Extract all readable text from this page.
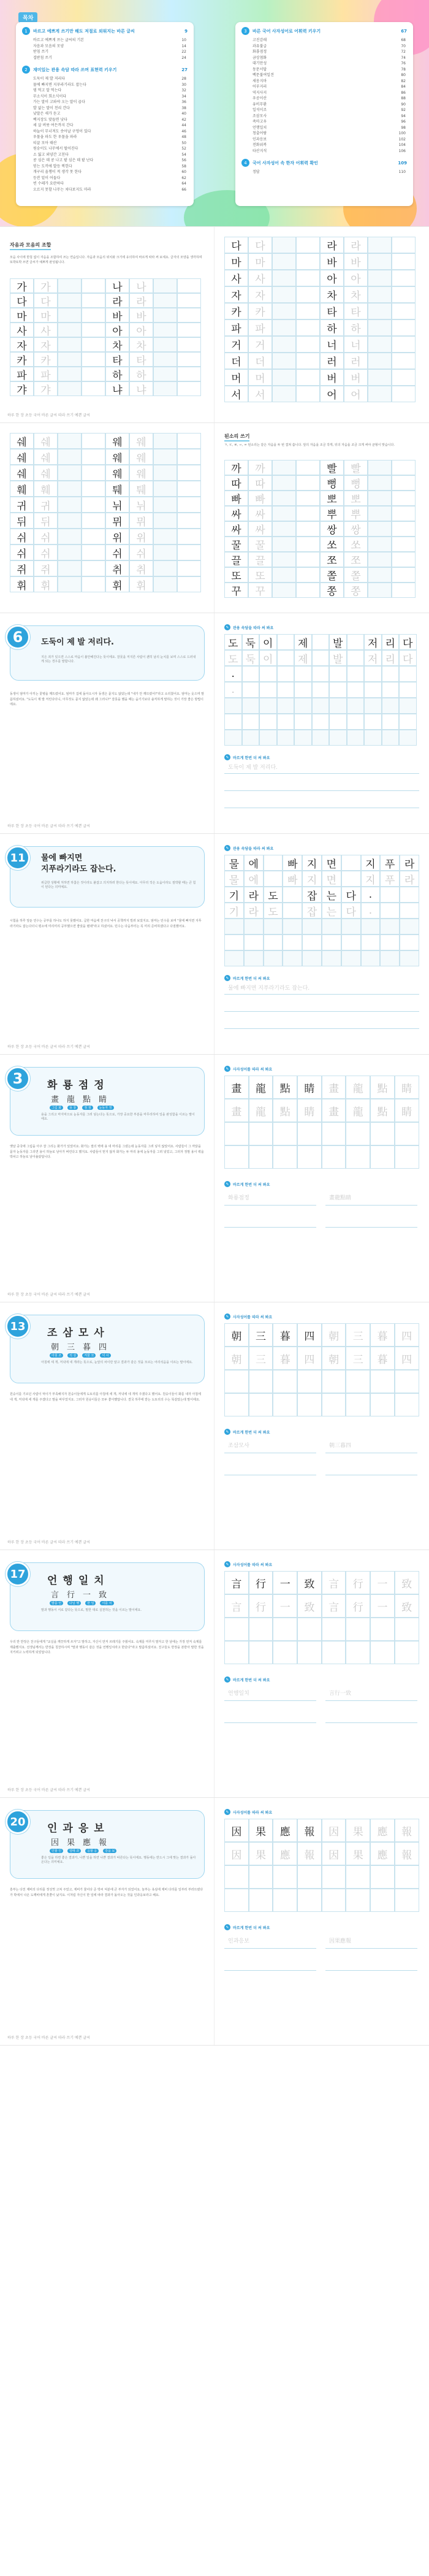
목차
1	바르고 예쁘게 쓰기만 해도 저절로 외워지는 바른 글씨	9
바르고 예쁘게 쓰는 글씨의 기본	10
자음과 모음의 모양	14
받침 쓰기	22
겹받침 쓰기	24
2	재미있는 관용 속담 따라 쓰며 표현력 키우기	27
도둑이 제 발 저리다	28
물에 빠지면 지푸라기라도 잡는다	30
꿩 먹고 알 먹는다	32
무소식이 희소식이다	34
가는 말이 고와야 오는 말이 곱다	36
발 없는 말이 천리 간다	38
낮말은 새가 듣고	40
백지장도 맞들면 낫다	42
세 살 버릇 여든까지 간다	44
하늘이 무너져도 솟아날 구멍이 있다	46
우물을 파도 한 우물을 파라	48
티끌 모아 태산	50
원숭이도 나무에서 떨어진다	52
소 잃고 외양간 고친다	54
콩 심은 데 콩 나고 팥 심은 데 팥 난다	56
믿는 도끼에 발등 찍힌다	58
개구리 올챙이 적 생각 못 한다	60
등잔 밑이 어둡다	62
빈 수레가 요란하다	64
오르지 못할 나무는 쳐다보지도 마라	66
3	바른 국어 사자성어로 어휘력 키우기	67
고진감래	68
과유불급	70
화룡점정	72
금상첨화	74
대기만성	76
동문서답	78
백문불여일견	80
새옹지마	82
어부지리	84
역지사지	86
우공이산	88
유비무환	90
일석이조	92
조삼모사	94
죽마고우	96
언행일치	98
청출어람	100
인과응보	102
전화위복	104
타산지석	106
4	국어 사자성어 속 한자 어휘력 확인	109
정답	110
자음과 모음의 조합
모음 사이에 받침 없이 자음을 조합하여 쓰는 연습입니다. 자음과 모음의 위치와 크기에 유의하여 바르게 따라 써 보세요. 글자의 모양을 생각하며 또박또박 쓰면 글씨가 예쁘게 완성됩니다.
가	가	나	나
다	다	라	라
마	마	바	바
사	사	아	아
자	자	차	차
카	카	타	타
파	파	하	하
갸	갸	냐	냐
하루 한 장 초등 국어 바른 글씨 따라 쓰기 예쁜 글씨
다	다	라	라
마	마	바	바
사	사	아	아
자	자	차	차
카	카	타	타
파	파	하	하
거	거	너	너
더	더	러	러
머	머	버	버
서	서	어	어
쉐	쉐	웨	웨
쉐	쉐	웨	웨
쉐	쉐	웨	웨
훼	훼	퉤	퉤
귀	귀	뉘	뉘
뒤	뒤	뮈	뮈
쉬	쉬	위	위
쉬	쉬	쉬	쉬
쥐	쥐	취	취
휘	휘	휘	휘
된소리 쓰기
ㄲ, ㄸ, ㅃ, ㅆ, ㅉ 된소리는 같은 자음을 두 번 겹쳐 씁니다. 앞의 자음을 조금 작게, 뒤의 자음을 조금 크게 써야 균형이 맞습니다.
까	까	빨	빨
따	따	뻥	뻥
빠	빠	뽀	뽀
싸	싸	뿌	뿌
싸	싸	쌍	쌍
꿀	꿀	쏘	쏘
끌	끌	쪼	쪼
또	또	쫄	쫄
꾸	꾸	쫑	쫑
6	도둑이 제 발 저리다.
지은 죄가 있으면 스스로 마음이 불안해진다는 뜻이에요. 잘못을 저지른 사람이 괜히 남의 눈치를 보며 스스로 드러내게 되는 경우를 말합니다.
동생이 엄마가 아끼는 꽃병을 깨뜨렸어요. 엄마가 집에 돌아오시자 동생은 묻지도 않았는데 "내가 안 깨뜨렸어!"라고 소리쳤어요. 엄마는 웃으며 말씀하셨어요. "도둑이 제 발 저린다더니, 아무것도 묻지 않았는데 왜 그러니?" 잘못을 했을 때는 숨기기보다 솔직하게 말하는 것이 가장 좋은 방법이에요.
하루 한 장 초등 국어 바른 글씨 따라 쓰기 예쁜 글씨
✎	관용 속담을 따라 써 봐요
도 둑 이	제	발	저 리 다
도 둑 이	제	발	저 리 다
.
.
✎	바르게 한번 더 써 봐요
도둑이 제 발 저리다.
11	물에 빠지면
지푸라기라도 잡는다.
위급한 상황에 처하면 하찮은 것이라도 붙잡고 의지하려 한다는 뜻이에요. 아무리 작은 도움이라도 절박할 때는 큰 힘이 된다는 의미예요.
시험을 하루 앞둔 민수는 공부를 하나도 하지 못했어요. 급한 마음에 친구의 낙서 공책까지 빌려 보았지요. 엄마는 민수를 보며 "물에 빠지면 지푸라기라도 잡는다더니 평소에 미리미리 공부했으면 좋았을 텐데"라고 하셨어요. 민수는 다음부터는 꼭 미리 준비하겠다고 다짐했어요.
하루 한 장 초등 국어 바른 글씨 따라 쓰기 예쁜 글씨
✎	관용 속담을 따라 써 봐요
물 에	빠 지 면	지 푸 라
물 에	빠 지 면	지 푸 라
기 라 도	잡 는 다	.
기 라 도	잡 는 다	.
✎	바르게 한번 더 써 봐요
물에 빠지면 지푸라기라도 잡는다.
3	화룡점정
畫龍點睛
그림 화	용 룡	점 점	눈동자 정
용을 그리고 마지막으로 눈동자를 그려 넣는다는 뜻으로, 가장 중요한 부분을 마무리하여 일을 완성함을 이르는 말이에요.
옛날 중국에 그림을 아주 잘 그리는 화가가 있었어요. 화가는 절의 벽에 용 네 마리를 그렸는데 눈동자를 그려 넣지 않았어요. 사람들이 그 까닭을 묻자 눈동자를 그리면 용이 하늘로 날아가 버린다고 했지요. 사람들이 믿지 않자 화가는 두 마리 용에 눈동자를 그려 넣었고, 그러자 정말 용이 벽을 박차고 하늘로 날아올랐답니다.
하루 한 장 초등 국어 바른 글씨 따라 쓰기 예쁜 글씨
✎	사자성어를 따라 써 봐요
畫	龍	點	睛	畫	龍	點	睛
畫	龍	點	睛	畫	龍	點	睛
✎	바르게 한번 더 써 봐요
화룡점정	畫龍點睛
13
조삼모사
朝三暮四
아침 조	석 삼	저물 모	넉 사
아침에 세 개, 저녁에 네 개라는 뜻으로, 눈앞의 차이만 알고 결과가 같은 것을 모르는 어리석음을 이르는 말이에요.
원숭이를 기르던 사람이 먹이가 부족해지자 원숭이들에게 도토리를 아침에 세 개, 저녁에 네 개씩 주겠다고 했어요. 원숭이들이 화를 내자 아침에 네 개, 저녁에 세 개를 주겠다고 말을 바꾸었지요. 그러자 원숭이들은 모두 좋아했답니다. 결국 하루에 받는 도토리의 수는 똑같았는데 말이에요.
하루 한 장 초등 국어 바른 글씨 따라 쓰기 예쁜 글씨
✎	사자성어를 따라 써 봐요
朝	三	暮	四	朝	三	暮	四
朝	三	暮	四	朝	三	暮	四
✎	바르게 한번 더 써 봐요
조삼모사	朝三暮四
17
언행일치
言行一致
말씀 언	다닐 행	한 일	이를 치
말과 행동이 서로 같다는 뜻으로, 말한 대로 실천하는 것을 이르는 말이에요.
우리 반 반장은 친구들에게 "교실을 깨끗하게 쓰자"고 말하고, 자신이 먼저 쓰레기를 주웠어요. 숙제를 미루지 말자고 한 날에는 가장 먼저 숙제를 제출했지요. 선생님께서는 반장을 칭찬하시며 "말과 행동이 같은 것을 언행일치라고 한단다"라고 말씀하셨어요. 친구들도 반장을 본받아 말한 것을 지키려고 노력하게 되었답니다.
하루 한 장 초등 국어 바른 글씨 따라 쓰기 예쁜 글씨
✎	사자성어를 따라 써 봐요
言	行	一	致	言	行	一	致
言	行	一	致	言	行	一	致
✎	바르게 한번 더 써 봐요
언행일치	言行一致
20
인과응보
因果應報
인할 인	열매 과	응할 응	갚을 보
좋은 일을 하면 좋은 결과가, 나쁜 일을 하면 나쁜 결과가 따른다는 뜻이에요. 행동에는 반드시 그에 맞는 결과가 돌아온다는 의미예요.
흥부는 다친 제비의 다리를 정성껏 고쳐 주었고, 제비가 물어다 준 박씨 덕분에 큰 부자가 되었어요. 놀부는 욕심에 제비 다리를 일부러 부러뜨렸다가 박에서 나온 도깨비에게 혼쭐이 났지요. 이처럼 자신이 한 일에 따라 결과가 돌아오는 것을 인과응보라고 해요.
하루 한 장 초등 국어 바른 글씨 따라 쓰기 예쁜 글씨
✎	사자성어를 따라 써 봐요
因	果	應	報	因	果	應	報
因	果	應	報	因	果	應	報
✎	바르게 한번 더 써 봐요
인과응보	因果應報
